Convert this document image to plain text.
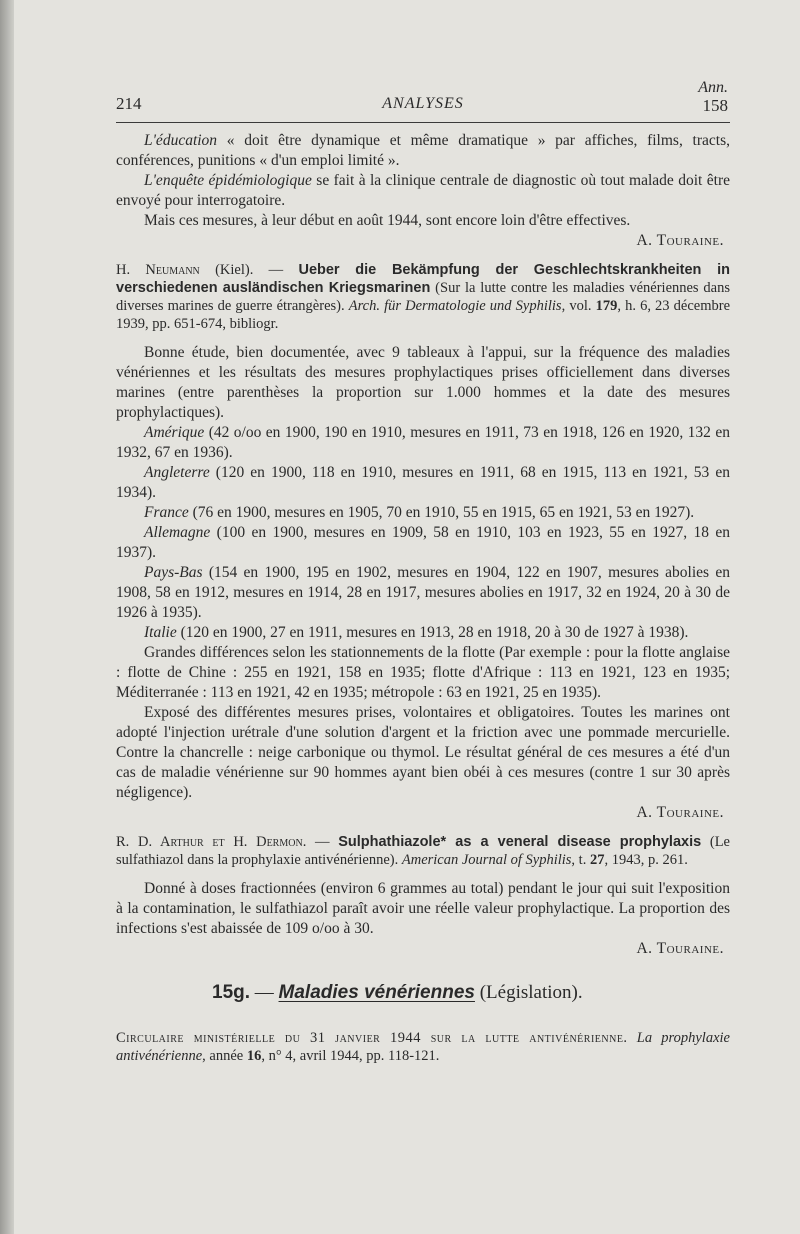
214	ANALYSES
Ann.
158

L'éducation « doit être dynamique et même dramatique » par affiches, films, tracts, conférences, punitions « d'un emploi limité ».

L'enquête épidémiologique se fait à la clinique centrale de diagnostic où tout malade doit être envoyé pour interrogatoire.

Mais ces mesures, à leur début en août 1944, sont encore loin d'être effectives.

A. Touraine.

H. Neumann (Kiel). — Ueber die Bekämpfung der Geschlechtskrankheiten in verschiedenen ausländischen Kriegsmarinen (Sur la lutte contre les maladies vénériennes dans diverses marines de guerre étrangères). Arch. für Dermatologie und Syphilis, vol. 179, h. 6, 23 décembre 1939, pp. 651-674, bibliogr.

Bonne étude, bien documentée, avec 9 tableaux à l'appui, sur la fréquence des maladies vénériennes et les résultats des mesures prophylactiques prises officiellement dans diverses marines (entre parenthèses la proportion sur 1.000 hommes et la date des mesures prophylactiques).

Amérique (42 o/oo en 1900, 190 en 1910, mesures en 1911, 73 en 1918, 126 en 1920, 132 en 1932, 67 en 1936).

Angleterre (120 en 1900, 118 en 1910, mesures en 1911, 68 en 1915, 113 en 1921, 53 en 1934).

France (76 en 1900, mesures en 1905, 70 en 1910, 55 en 1915, 65 en 1921, 53 en 1927).

Allemagne (100 en 1900, mesures en 1909, 58 en 1910, 103 en 1923, 55 en 1927, 18 en 1937).

Pays-Bas (154 en 1900, 195 en 1902, mesures en 1904, 122 en 1907, mesures abolies en 1908, 58 en 1912, mesures en 1914, 28 en 1917, mesures abolies en 1917, 32 en 1924, 20 à 30 de 1926 à 1935).

Italie (120 en 1900, 27 en 1911, mesures en 1913, 28 en 1918, 20 à 30 de 1927 à 1938).

Grandes différences selon les stationnements de la flotte (Par exemple : pour la flotte anglaise : flotte de Chine : 255 en 1921, 158 en 1935; flotte d'Afrique : 113 en 1921, 123 en 1935; Méditerranée : 113 en 1921, 42 en 1935; métropole : 63 en 1921, 25 en 1935).

Exposé des différentes mesures prises, volontaires et obligatoires. Toutes les marines ont adopté l'injection urétrale d'une solution d'argent et la friction avec une pommade mercurielle. Contre la chancrelle : neige carbonique ou thymol. Le résultat général de ces mesures a été d'un cas de maladie vénérienne sur 90 hommes ayant bien obéi à ces mesures (contre 1 sur 30 après négligence).

A. Touraine.

R. D. Arthur et H. Dermon. — Sulphathiazole* as a veneral disease prophylaxis (Le sulfathiazol dans la prophylaxie antivénérienne). American Journal of Syphilis, t. 27, 1943, p. 261.

Donné à doses fractionnées (environ 6 grammes au total) pendant le jour qui suit l'exposition à la contamination, le sulfathiazol paraît avoir une réelle valeur prophylactique. La proportion des infections s'est abaissée de 109 o/oo à 30.

A. Touraine.

15g. — Maladies vénériennes (Législation).

Circulaire ministérielle du 31 janvier 1944 sur la lutte antivénérienne. La prophylaxie antivénérienne, année 16, n° 4, avril 1944, pp. 118-121.
